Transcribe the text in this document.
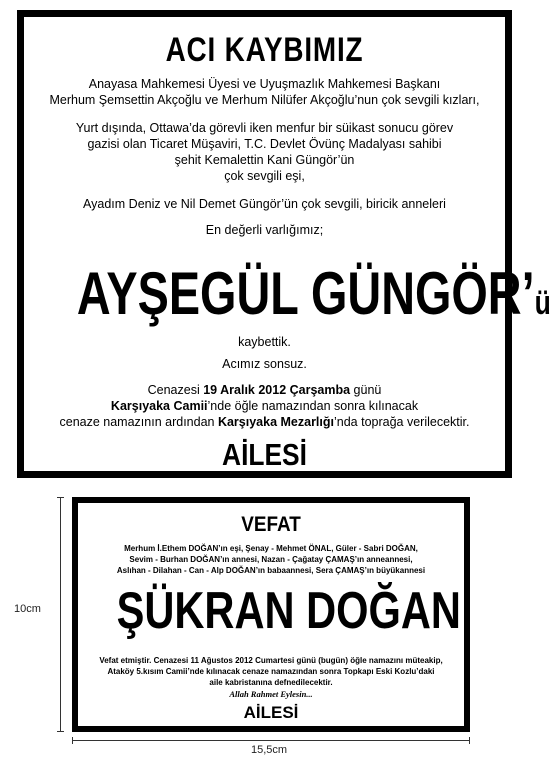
ACI KAYBIMIZ
Anayasa Mahkemesi Üyesi ve Uyuşmazlık Mahkemesi Başkanı
Merhum Şemsettin Akçoğlu ve Merhum Nilüfer Akçoğlu’nun çok sevgili kızları,
Yurt dışında, Ottawa’da görevli iken menfur bir süikast sonucu görev
gazisi olan Ticaret Müşaviri, T.C. Devlet Övünç Madalyası sahibi
şehit Kemalettin Kani Güngör’ün
çok sevgili eşi,
Ayadım Deniz ve Nil Demet Güngör’ün çok sevgili, biricik anneleri
En değerli varlığımız;
AYŞEGÜL GÜNGÖR’ü
kaybettik.
Acımız sonsuz.
Cenazesi 19 Aralık 2012 Çarşamba günü
Karşıyaka Camii’nde öğle namazından sonra kılınacak
cenaze namazının ardından Karşıyaka Mezarlığı’nda toprağa verilecektir.
AİLESİ
10cm
VEFAT
Merhum İ.Ethem DOĞAN’ın eşi, Şenay - Mehmet ÖNAL, Güler - Sabri DOĞAN,
Sevim - Burhan DOĞAN’ın annesi, Nazan - Çağatay ÇAMAŞ’ın anneannesi,
Aslıhan - Dilahan - Can - Alp DOĞAN’ın babaannesi, Sera ÇAMAŞ’ın büyükannesi
ŞÜKRAN DOĞAN
Vefat etmiştir. Cenazesi 11 Ağustos 2012 Cumartesi günü (bugün) öğle namazını müteakip,
Ataköy 5.kısım Camii’nde kılınacak cenaze namazından sonra Topkapı Eski Kozlu’daki
aile kabristanına defnedilecektir.
Allah Rahmet Eylesin...
AİLESİ
15,5cm
